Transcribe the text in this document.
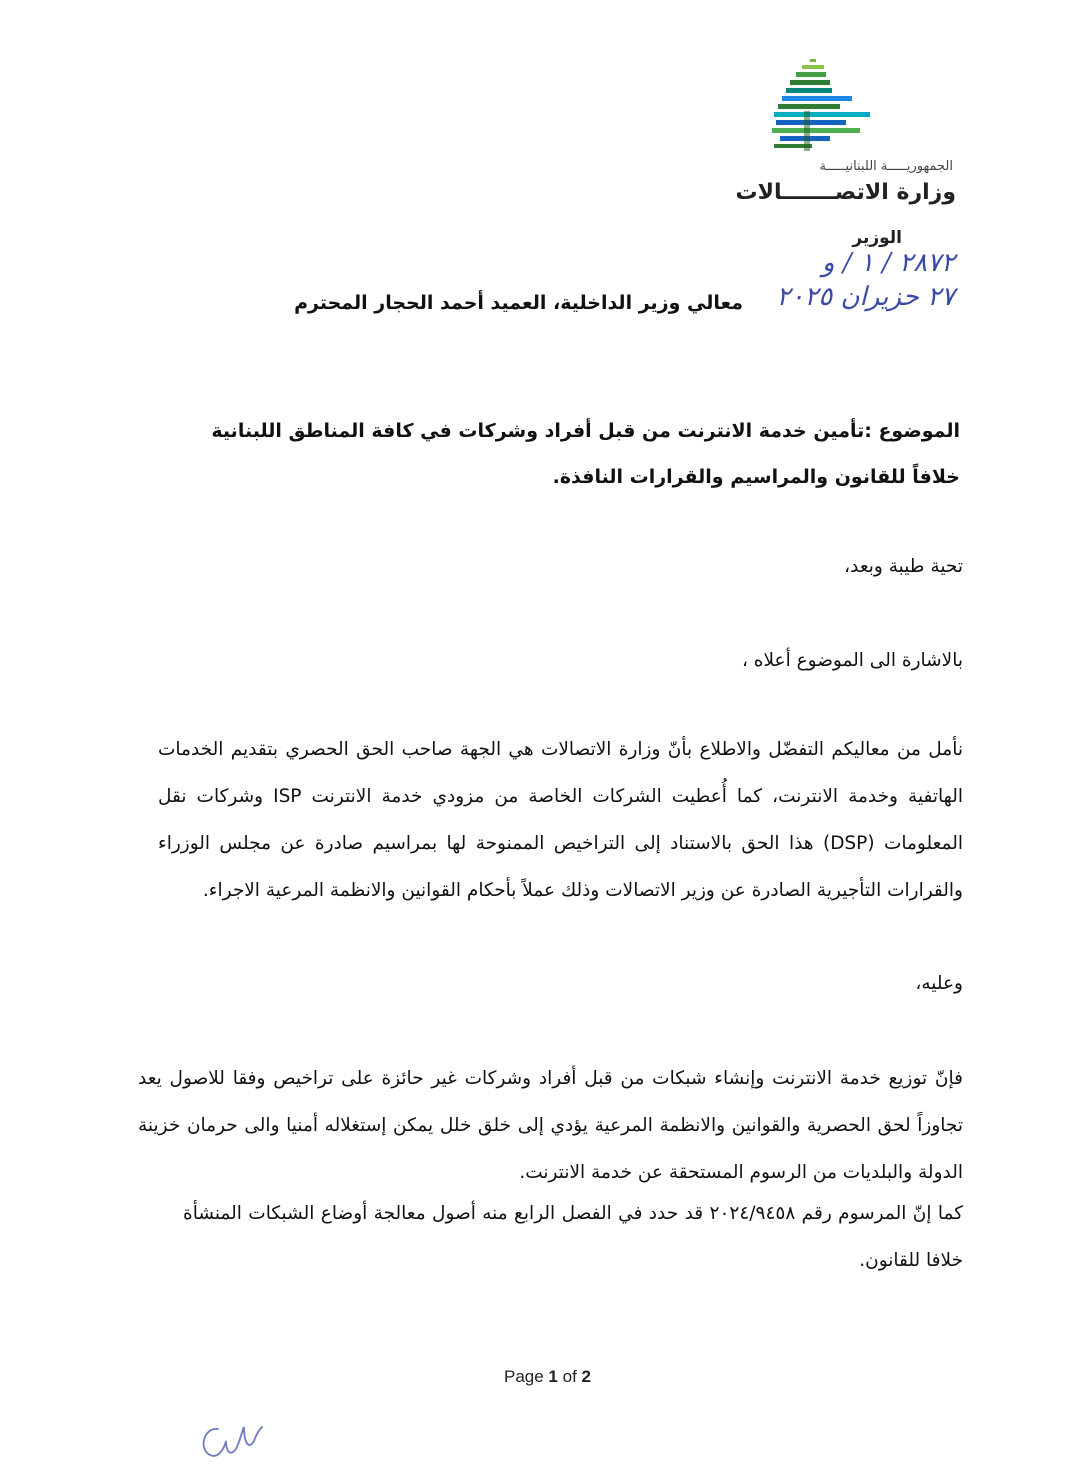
الجمهوريـــــة اللبنانيـــــة
وزارة الاتصـــــــالات
الوزير
٢٨٧٢ / ١ / و
٢٧ حزيران ٢٠٢٥
معالي وزير الداخلية، العميد أحمد الحجار المحترم
الموضوع :تأمين خدمة الانترنت من قبل أفراد وشركات في كافة المناطق اللبنانية خلافاً للقانون والمراسيم والقرارات النافذة.
تحية طيبة وبعد،
بالاشارة الى الموضوع أعلاه ،
نأمل من معاليكم التفضّل والاطلاع بأنّ وزارة الاتصالات هي الجهة صاحب الحق الحصري بتقديم الخدمات الهاتفية وخدمة الانترنت، كما أُعطيت الشركات الخاصة من مزودي خدمة الانترنت ISP وشركات نقل المعلومات (DSP) هذا الحق بالاستناد إلى التراخيص الممنوحة لها بمراسيم صادرة عن مجلس الوزراء والقرارات التأجيرية الصادرة عن وزير الاتصالات وذلك عملاً بأحكام القوانين والانظمة المرعية الاجراء.
وعليه،
فإنّ توزيع خدمة الانترنت وإنشاء شبكات من قبل أفراد وشركات غير حائزة على تراخيص وفقا للاصول يعد تجاوزاً لحق الحصرية والقوانين والانظمة المرعية يؤدي إلى خلق خلل يمكن إستغلاله أمنيا والى حرمان خزينة الدولة والبلديات من الرسوم المستحقة عن خدمة الانترنت.
كما إنّ المرسوم رقم ٢٠٢٤/٩٤٥٨ قد حدد في الفصل الرابع منه أصول معالجة أوضاع الشبكات المنشأة خلافا للقانون.
Page 1 of 2
